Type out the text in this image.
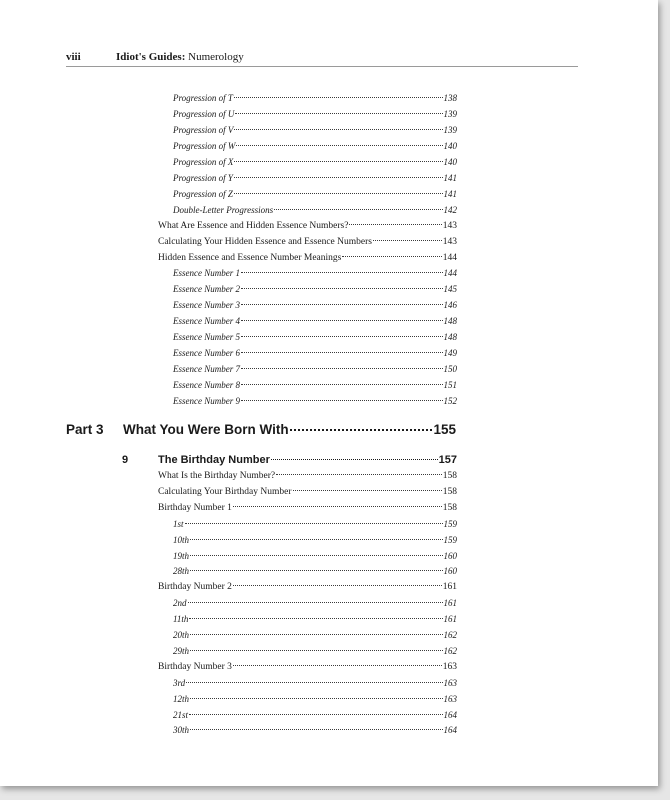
viii	Idiot's Guides: Numerology
Progression of T	138
Progression of U	139
Progression of V	139
Progression of W	140
Progression of X	140
Progression of Y	141
Progression of Z	141
Double-Letter Progressions	142
What Are Essence and Hidden Essence Numbers?	143
Calculating Your Hidden Essence and Essence Numbers	143
Hidden Essence and Essence Number Meanings	144
Essence Number 1	144
Essence Number 2	145
Essence Number 3	146
Essence Number 4	148
Essence Number 5	148
Essence Number 6	149
Essence Number 7	150
Essence Number 8	151
Essence Number 9	152
Part 3	What You Were Born With	155
9	The Birthday Number	157
What Is the Birthday Number?	158
Calculating Your Birthday Number	158
Birthday Number 1	158
1st	159
10th	159
19th	160
28th	160
Birthday Number 2	161
2nd	161
11th	161
20th	162
29th	162
Birthday Number 3	163
3rd	163
12th	163
21st	164
30th	164
